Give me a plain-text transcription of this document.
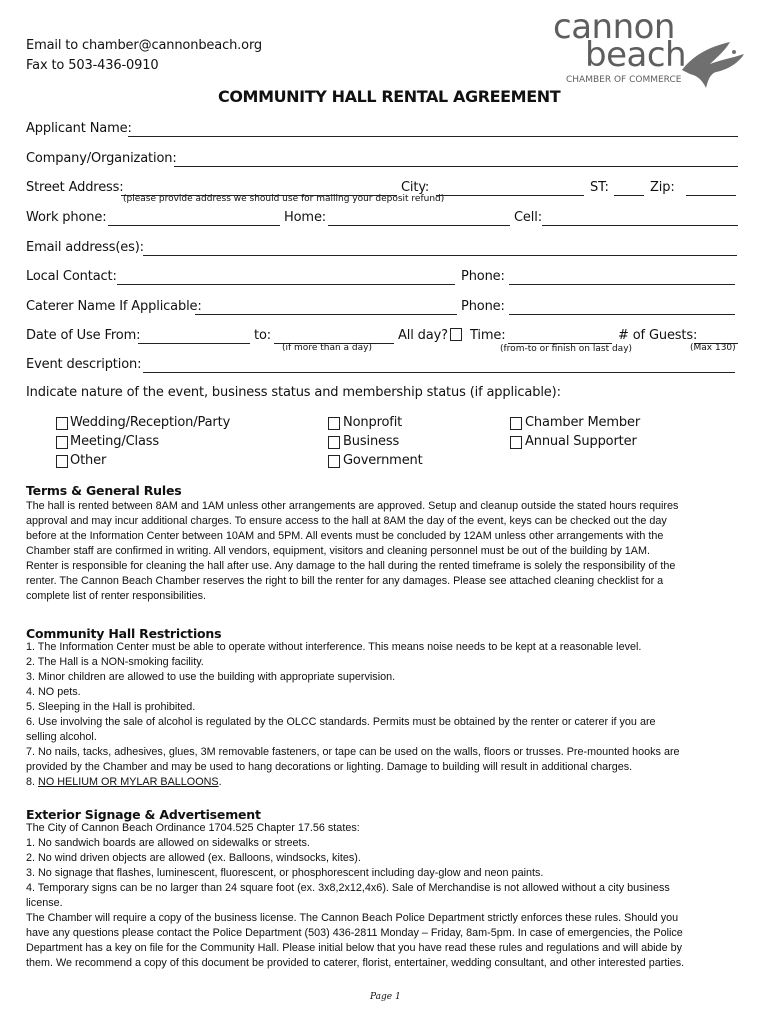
Email to chamber@cannonbeach.org
Fax to 503-436-0910
cannon
beach
CHAMBER OF COMMERCE
COMMUNITY HALL RENTAL AGREEMENT
Applicant Name:
Company/Organization:
Street Address:
(please provide address we should use for mailing your deposit refund)
City:	ST:	Zip:
Work phone:	Home:	Cell:
Email address(es):
Local Contact:	Phone:
Caterer Name If Applicable:	Phone:
Date of Use From:	to:
(if more than a day)
All day? Time:
(from-to or finish on last day)
# of Guests:
(Max 130)
Event description:
Indicate nature of the event, business status and membership status (if applicable):
Wedding/Reception/Party
Meeting/Class
Other
Nonprofit
Business
Government
Chamber Member
Annual Supporter
Terms & General Rules
The hall is rented between 8AM and 1AM unless other arrangements are approved. Setup and cleanup outside the stated hours requires
approval and may incur additional charges. To ensure access to the hall at 8AM the day of the event, keys can be checked out the day
before at the Information Center between 10AM and 5PM. All events must be concluded by 12AM unless other arrangements with the
Chamber staff are confirmed in writing. All vendors, equipment, visitors and cleaning personnel must be out of the building by 1AM.
Renter is responsible for cleaning the hall after use. Any damage to the hall during the rented timeframe is solely the responsibility of the
renter. The Cannon Beach Chamber reserves the right to bill the renter for any damages. Please see attached cleaning checklist for a
complete list of renter responsibilities.
Community Hall Restrictions
1. The Information Center must be able to operate without interference. This means noise needs to be kept at a reasonable level.
2. The Hall is a NON-smoking facility.
3. Minor children are allowed to use the building with appropriate supervision.
4. NO pets.
5. Sleeping in the Hall is prohibited.
6. Use involving the sale of alcohol is regulated by the OLCC standards. Permits must be obtained by the renter or caterer if you are
selling alcohol.
7. No nails, tacks, adhesives, glues, 3M removable fasteners, or tape can be used on the walls, floors or trusses. Pre-mounted hooks are
provided by the Chamber and may be used to hang decorations or lighting. Damage to building will result in additional charges.
8. NO HELIUM OR MYLAR BALLOONS.
Exterior Signage & Advertisement
The City of Cannon Beach Ordinance 1704.525 Chapter 17.56 states:
1. No sandwich boards are allowed on sidewalks or streets.
2. No wind driven objects are allowed (ex. Balloons, windsocks, kites).
3. No signage that flashes, luminescent, fluorescent, or phosphorescent including day-glow and neon paints.
4. Temporary signs can be no larger than 24 square foot (ex. 3x8,2x12,4x6). Sale of Merchandise is not allowed without a city business
license.
The Chamber will require a copy of the business license. The Cannon Beach Police Department strictly enforces these rules. Should you
have any questions please contact the Police Department (503) 436-2811 Monday – Friday, 8am-5pm. In case of emergencies, the Police
Department has a key on file for the Community Hall. Please initial below that you have read these rules and regulations and will abide by
them. We recommend a copy of this document be provided to caterer, florist, entertainer, wedding consultant, and other interested parties.
Page 1
